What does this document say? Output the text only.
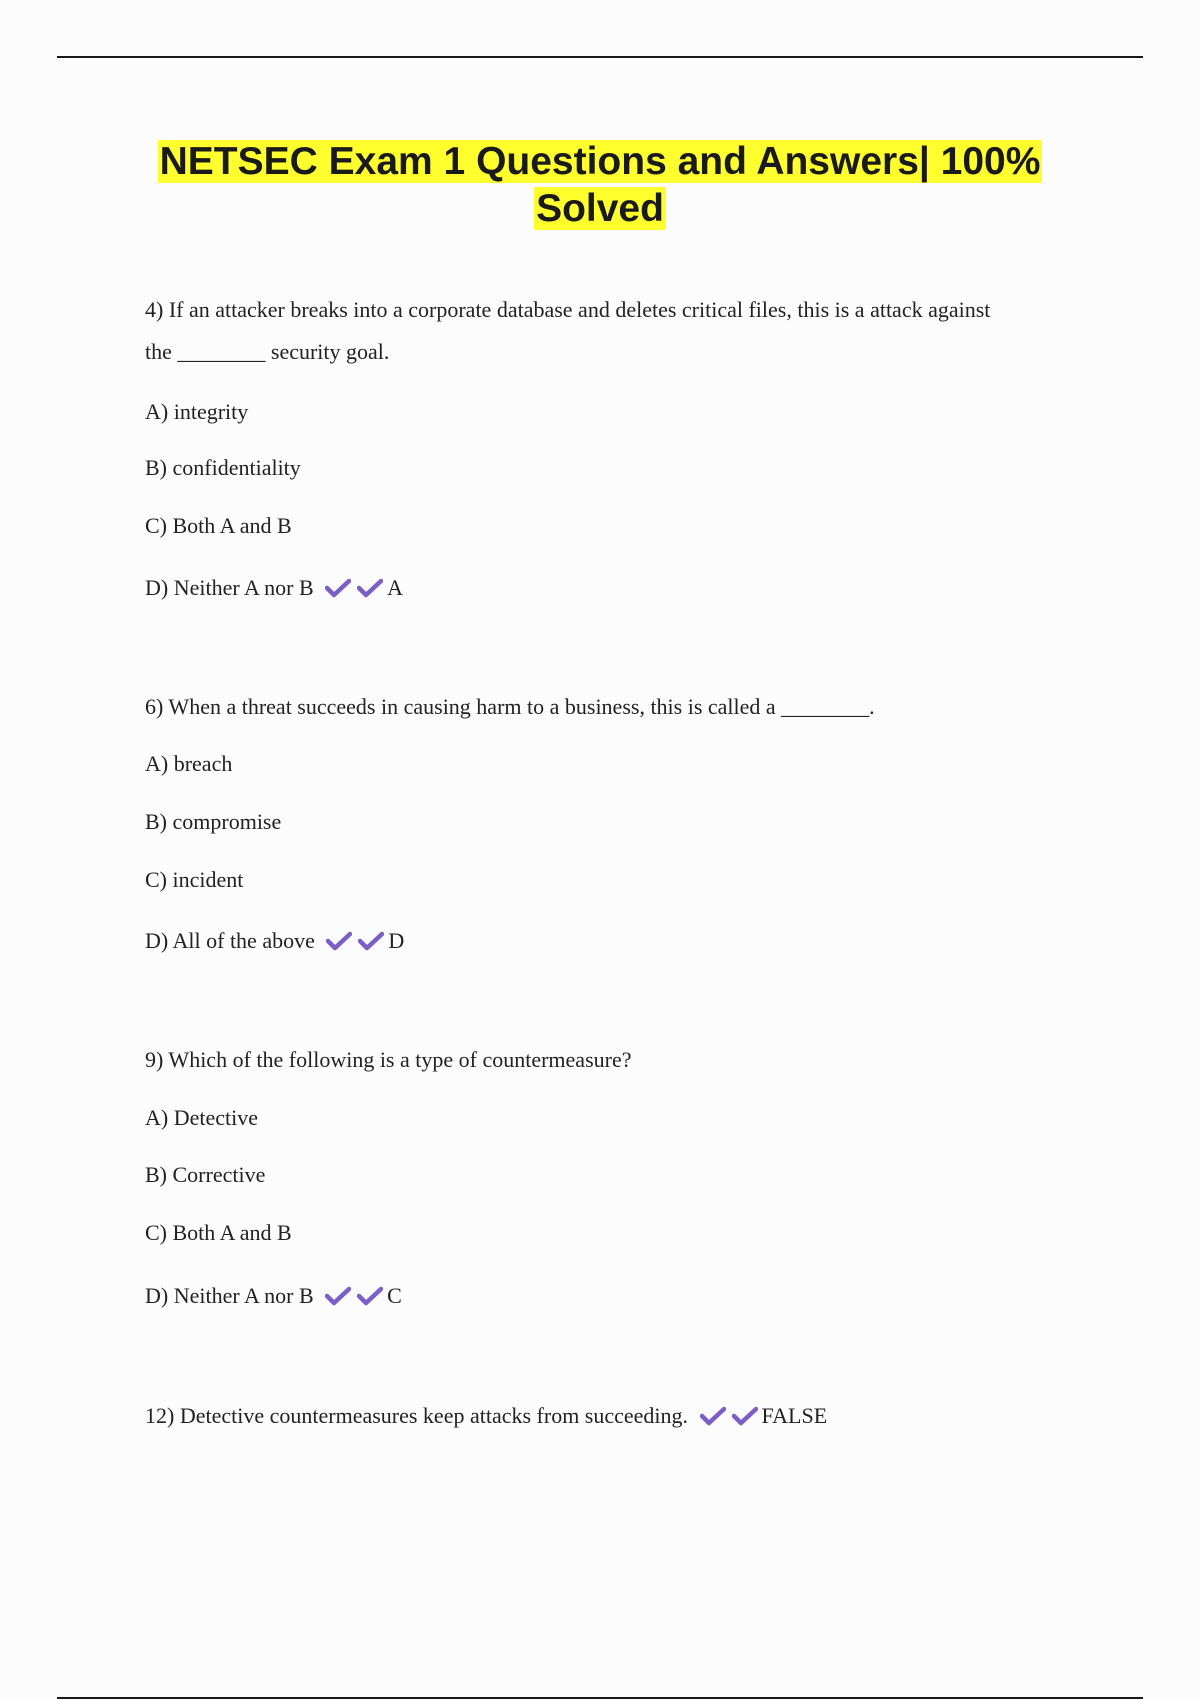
NETSEC Exam 1 Questions and Answers| 100%
Solved

4) If an attacker breaks into a corporate database and deletes critical files, this is a attack against

the ________ security goal.

A) integrity

B) confidentiality

C) Both A and B

D) Neither A nor B	A

6) When a threat succeeds in causing harm to a business, this is called a ________.

A) breach

B) compromise

C) incident

D) All of the above	D

9) Which of the following is a type of countermeasure?

A) Detective

B) Corrective

C) Both A and B

D) Neither A nor B	C

12) Detective countermeasures keep attacks from succeeding.	FALSE
